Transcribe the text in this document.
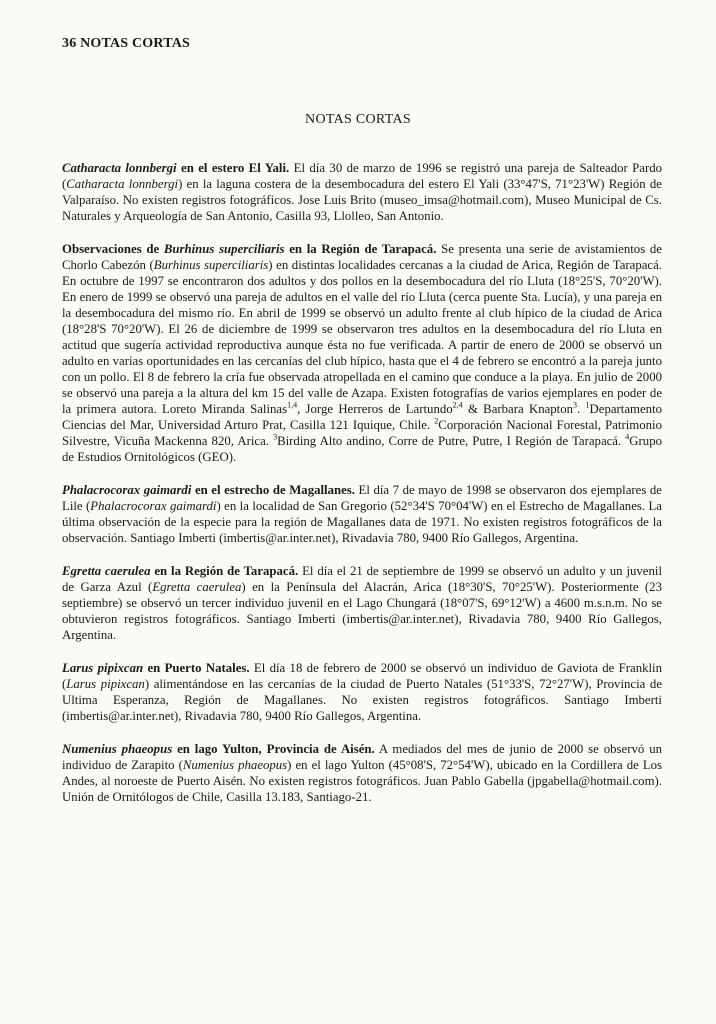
36 NOTAS CORTAS
NOTAS CORTAS

Catharacta lonnbergi en el estero El Yali. El día 30 de marzo de 1996 se registró una pareja de Salteador Pardo (Catharacta lonnbergi) en la laguna costera de la desembocadura del estero El Yali (33°47'S, 71°23'W) Región de Valparaíso. No existen registros fotográficos. Jose Luis Brito (museo_imsa@hotmail.com), Museo Municipal de Cs. Naturales y Arqueología de San Antonio, Casilla 93, Llolleo, San Antonio.

Observaciones de Burhinus superciliaris en la Región de Tarapacá. Se presenta una serie de avistamientos de Chorlo Cabezón (Burhinus superciliaris) en distintas localidades cercanas a la ciudad de Arica, Región de Tarapacá. En octubre de 1997 se encontraron dos adultos y dos pollos en la desembocadura del río Lluta (18°25'S, 70°20'W). En enero de 1999 se observó una pareja de adultos en el valle del río Lluta (cerca puente Sta. Lucía), y una pareja en la desembocadura del mismo río. En abril de 1999 se observó un adulto frente al club hípico de la ciudad de Arica (18°28'S 70°20'W). El 26 de diciembre de 1999 se observaron tres adultos en la desembocadura del río Lluta en actitud que sugería actividad reproductiva aunque ésta no fue verificada. A partir de enero de 2000 se observó un adulto en varias oportunidades en las cercanías del club hípico, hasta que el 4 de febrero se encontró a la pareja junto con un pollo. El 8 de febrero la cría fue observada atropellada en el camino que conduce a la playa. En julio de 2000 se observó una pareja a la altura del km 15 del valle de Azapa. Existen fotografías de varios ejemplares en poder de la primera autora. Loreto Miranda Salinas$^{1,4}$, Jorge Herreros de Lartundo$^{2,4}$ & Barbara Knapton$^3$. $^1$Departamento Ciencias del Mar, Universidad Arturo Prat, Casilla 121 Iquique, Chile. $^2$Corporación Nacional Forestal, Patrimonio Silvestre, Vicuña Mackenna 820, Arica. $^3$Birding Alto andino, Corre de Putre, Putre, I Región de Tarapacá. $^4$Grupo de Estudios Ornitológicos (GEO).

Phalacrocorax gaimardi en el estrecho de Magallanes. El día 7 de mayo de 1998 se observaron dos ejemplares de Lile (Phalacrocorax gaimardi) en la localidad de San Gregorio (52°34'S 70°04'W) en el Estrecho de Magallanes. La última observación de la especie para la región de Magallanes data de 1971. No existen registros fotográficos de la observación. Santiago Imberti (imbertis@ar.inter.net), Rivadavia 780, 9400 Río Gallegos, Argentina.

Egretta caerulea en la Región de Tarapacá. El día el 21 de septiembre de 1999 se observó un adulto y un juvenil de Garza Azul (Egretta caerulea) en la Península del Alacrán, Arica (18°30'S, 70°25'W). Posteriormente (23 septiembre) se observó un tercer individuo juvenil en el Lago Chungará (18°07'S, 69°12'W) a 4600 m.s.n.m. No se obtuvieron registros fotográficos. Santiago Imberti (imbertis@ar.inter.net), Rivadavia 780, 9400 Río Gallegos, Argentina.

Larus pipixcan en Puerto Natales. El día 18 de febrero de 2000 se observó un individuo de Gaviota de Franklin (Larus pipixcan) alimentándose en las cercanías de la ciudad de Puerto Natales (51°33'S, 72°27'W), Provincia de Ultima Esperanza, Región de Magallanes. No existen registros fotográficos. Santiago Imberti (imbertis@ar.inter.net), Rivadavia 780, 9400 Río Gallegos, Argentina.

Numenius phaeopus en lago Yulton, Provincia de Aisén. A mediados del mes de junio de 2000 se observó un individuo de Zarapito (Numenius phaeopus) en el lago Yulton (45°08'S, 72°54'W), ubicado en la Cordillera de Los Andes, al noroeste de Puerto Aisén. No existen registros fotográficos. Juan Pablo Gabella (jpgabella@hotmail.com). Unión de Ornitólogos de Chile, Casilla 13.183, Santiago-21.
